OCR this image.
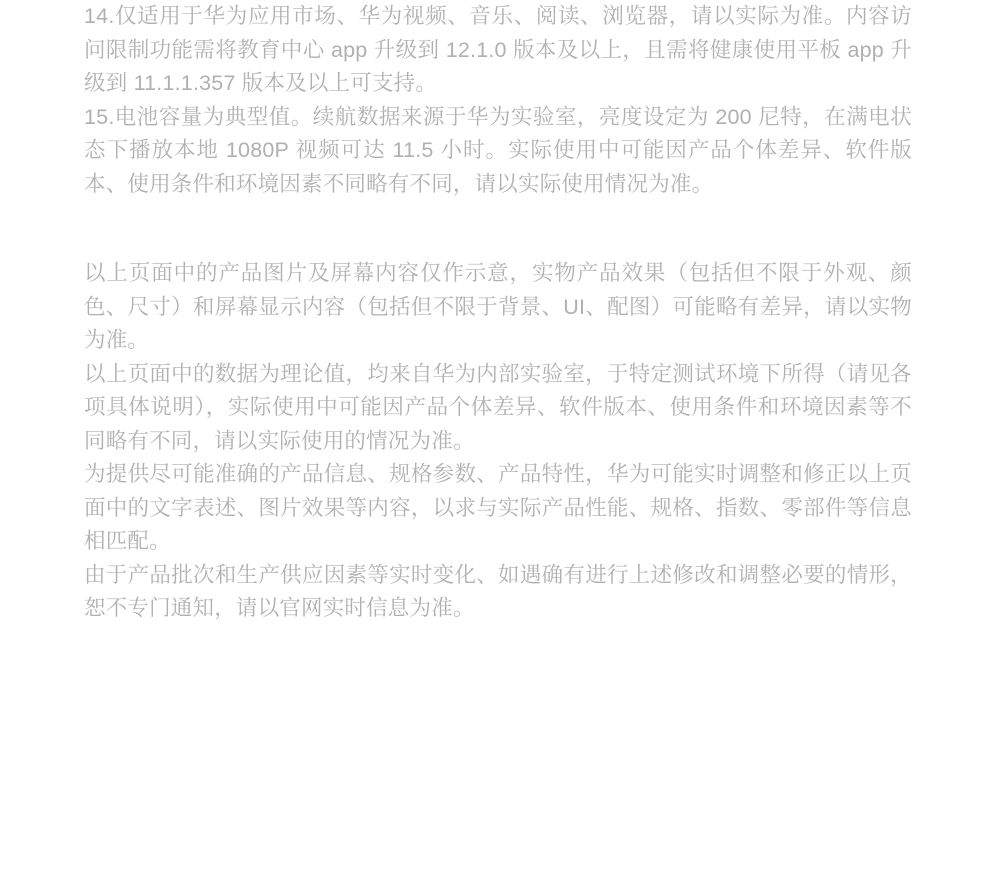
14.仅适用于华为应用市场、华为视频、音乐、阅读、浏览器，请以实际为准。内容访问限制功能需将教育中心 app 升级到 12.1.0 版本及以上，且需将健康使用平板 app 升级到 11.1.1.357 版本及以上可支持。

15.电池容量为典型值。续航数据来源于华为实验室，亮度设定为 200 尼特，在满电状态下播放本地 1080P 视频可达 11.5 小时。实际使用中可能因产品个体差异、软件版本、使用条件和环境因素不同略有不同，请以实际使用情况为准。

以上页面中的产品图片及屏幕内容仅作示意，实物产品效果（包括但不限于外观、颜色、尺寸）和屏幕显示内容（包括但不限于背景、UI、配图）可能略有差异，请以实物为准。

以上页面中的数据为理论值，均来自华为内部实验室，于特定测试环境下所得（请见各项具体说明），实际使用中可能因产品个体差异、软件版本、使用条件和环境因素等不同略有不同，请以实际使用的情况为准。

为提供尽可能准确的产品信息、规格参数、产品特性，华为可能实时调整和修正以上页面中的文字表述、图片效果等内容，以求与实际产品性能、规格、指数、零部件等信息相匹配。

由于产品批次和生产供应因素等实时变化、如遇确有进行上述修改和调整必要的情形，恕不专门通知，请以官网实时信息为准。
